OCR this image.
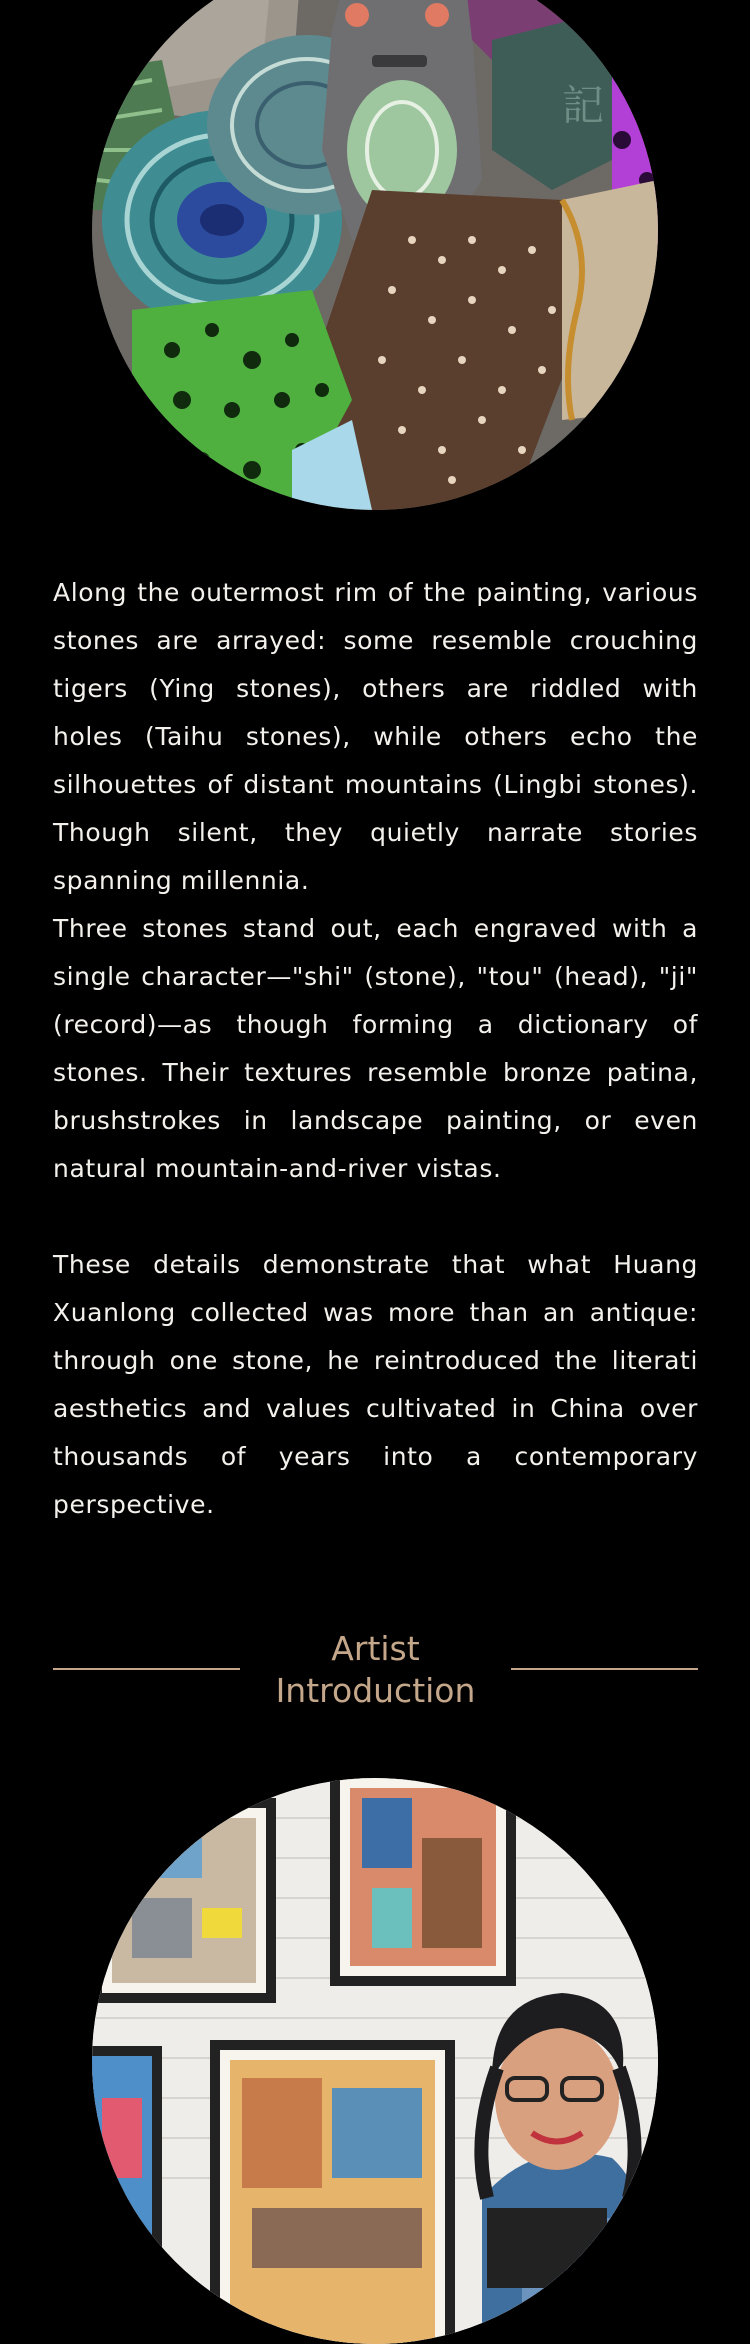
記
Along the outermost rim of the painting, various stones are arrayed: some resemble crouching tigers (Ying stones), others are riddled with holes (Taihu stones), while others echo the silhouettes of distant mountains (Lingbi stones). Though silent, they quietly narrate stories spanning millennia.
Three stones stand out, each engraved with a single character—"shi" (stone), "tou" (head), "ji" (record)—as though forming a dictionary of stones. Their textures resemble bronze patina, brushstrokes in landscape painting, or even natural mountain-and-river vistas.
These details demonstrate that what Huang Xuanlong collected was more than an antique: through one stone, he reintroduced the literati aesthetics and values cultivated in China over thousands of years into a contemporary perspective.
Artist
Introduction
